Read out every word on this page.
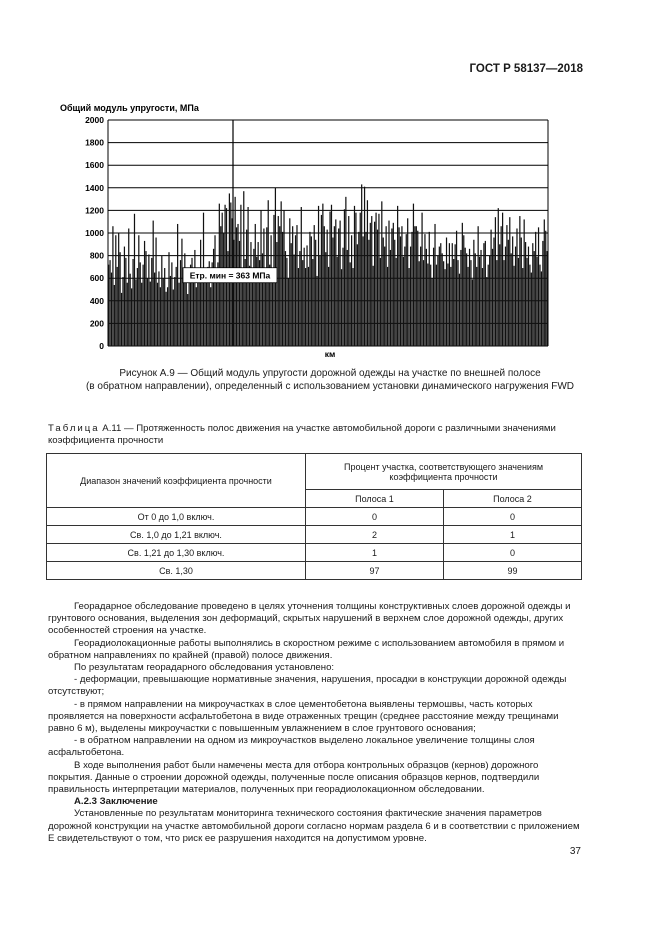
ГОСТ Р 58137—2018
Общий модуль упругости, МПа
0
200
400
600
800
1000
1200
1400
1600
1800
2000
Етр. мин = 363 МПа
км
Рисунок А.9 — Общий модуль упругости дорожной одежды на участке по внешней полосе
(в обратном направлении), определенный с использованием установки динамического нагружения FWD
Таблица А.11 — Протяженность полос движения на участке автомобильной дороги с различными значениями
коэффициента прочности
Диапазон значений коэффициента прочности	Процент участка, соответствующего значениям коэффициента прочности	
	Полоса 1	Полоса 2
От 0 до 1,0 включ.	0	0
Св. 1,0 до 1,21 включ.	2	1
Св. 1,21 до 1,30 включ.	1	0
Св. 1,30	97	99

Георадарное обследование проведено в целях уточнения толщины конструктивных слоев дорожной одежды и грунтового основания, выделения зон деформаций, скрытых нарушений в верхнем слое дорожной одежды, других особенностей строения на участке.

Георадиолокационные работы выполнялись в скоростном режиме с использованием автомобиля в прямом и обратном направлениях по крайней (правой) полосе движения.

По результатам георадарного обследования установлено:

- деформации, превышающие нормативные значения, нарушения, просадки в конструкции дорожной одежды отсутствуют;

- в прямом направлении на микроучастках в слое цементобетона выявлены термошвы, часть которых проявляется на поверхности асфальтобетона в виде отраженных трещин (среднее расстояние между трещинами равно 6 м), выделены микроучастки с повышенным увлажнением в слое грунтового основания;

- в обратном направлении на одном из микроучастков выделено локальное увеличение толщины слоя асфальтобетона.

В ходе выполнения работ были намечены места для отбора контрольных образцов (кернов) дорожного покрытия. Данные о строении дорожной одежды, полученные после описания образцов кернов, подтвердили правильность интерпретации материалов, полученных при георадиолокационном обследовании.

А.2.3 Заключение

Установленные по результатам мониторинга технического состояния фактические значения параметров дорожной конструкции на участке автомобильной дороги согласно нормам раздела 6 и в соответствии с приложением Е свидетельствуют о том, что риск ее разрушения находится на допустимом уровне.

37
